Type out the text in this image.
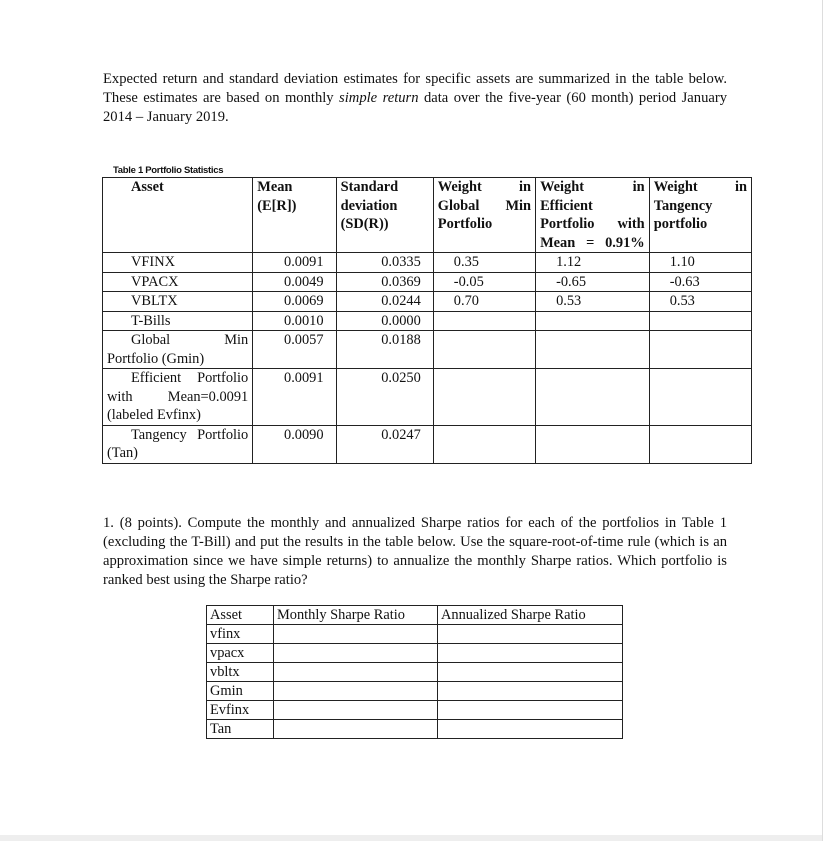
Expected return and standard deviation estimates for specific assets are summarized in the table below. These estimates are based on monthly simple return data over the five-year (60 month) period January 2014 – January 2019.

Table 1 Portfolio Statistics
Asset	Mean (E[R])	Standard deviation (SD(R))	Weight in Global Min Portfolio	Weight in Efficient Portfolio with Mean = 0.91%	Weight in Tangency portfolio
VFINX	0.0091	0.0335	0.35	1.12	1.10
VPACX	0.0049	0.0369	-0.05	-0.65	-0.63
VBLTX	0.0069	0.0244	0.70	0.53	0.53
T-Bills	0.0010	0.0000			
Global Min Portfolio (Gmin)	0.0057	0.0188			
Efficient Portfolio with Mean=0.0091 (labeled Evfinx)	0.0091	0.0250			
Tangency Portfolio (Tan)	0.0090	0.0247			

1. (8 points). Compute the monthly and annualized Sharpe ratios for each of the portfolios in Table 1 (excluding the T-Bill) and put the results in the table below. Use the square-root-of-time rule (which is an approximation since we have simple returns) to annualize the monthly Sharpe ratios. Which portfolio is ranked best using the Sharpe ratio?

Asset	Monthly Sharpe Ratio	Annualized Sharpe Ratio
vfinx		
vpacx		
vbltx		
Gmin		
Evfinx		
Tan		
